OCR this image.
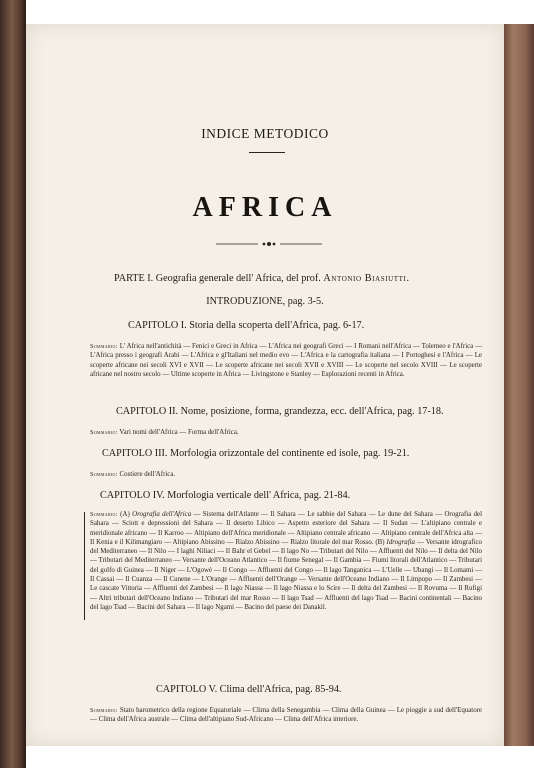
INDICE METODICO
AFRICA
PARTE I. Geografia generale dell' Africa, del prof. Antonio Biasiutti.
INTRODUZIONE, pag. 3-5.
CAPITOLO I. Storia della scoperta dell'Africa, pag. 6-17.
Sommario: L' Africa nell'antichità — Fenici e Greci in Africa — L'Africa nei geografi Greci — I Romani nell'Africa — Tolemeo e l'Africa — L'Africa presso i geografi Arabi — L'Africa e gl'Italiani nel medio evo — L'Africa e la cartografia italiana — I Portoghesi e l'Africa — Le scoperte africane nei secoli XVI e XVII — Le scoperte africane nei secoli XVII e XVIII — Le scoperte nel secolo XVIII — Le scoperte africane nel nostro secolo — Ultime scoperte in Africa — Livingstone e Stanley — Esplorazioni recenti in Africa.
CAPITOLO II. Nome, posizione, forma, grandezza, ecc. dell'Africa, pag. 17-18.
Sommario: Vari nomi dell'Africa — Forma dell'Africa.
CAPITOLO III. Morfologia orizzontale del continente ed isole, pag. 19-21.
Sommario: Costiere dell'Africa.
CAPITOLO IV. Morfologia verticale dell' Africa, pag. 21-84.
Sommario: (A) Orografia dell'Africa — Sistema dell'Atlante — Il Sahara — Le sabbie del Sahara — Le dune del Sahara — Orografia del Sahara — Sciott e depressioni del Sahara — Il deserto Libico — Aspetto esteriore del Sahara — Il Sudan — L'altipiano centrale e meridionale africano — Il Karroo — Altipiano dell'Africa meridionale — Altipiano centrale africano — Altipiano centrale dell'Africa alta — Il Kenia e il Kilimangiaro — Altipiano Abissino — Rialzo Abissino — Rialzo litorale del mar Rosso. (B) Idrografia — Versante idrografico del Mediterraneo — Il Nilo — I laghi Niliaci — Il Bahr el Gebel — Il lago No — Tributari del Nilo — Affluenti del Nilo — Il delta del Nilo — Tributari del Mediterraneo — Versante dell'Oceano Atlantico — Il fiume Senegal — Il Gambia — Fiumi litorali dell'Atlantico — Tributari del golfo di Guinea — Il Niger — L'Ogowè — Il Congo — Affluenti del Congo — Il lago Tanganica — L'Uelle — Ubangi — Il Lomami — Il Cassai — Il Cuanza — Il Cunene — L'Orange — Affluenti dell'Orange — Versante dell'Oceano Indiano — Il Limpopo — Il Zambesi — Le cascate Vittoria — Affluenti del Zambesi — Il lago Niassa — Il lago Niassa e lo Scire — Il delta del Zambesi — Il Rovuma — Il Rufigi — Altri tributari dell'Oceano Indiano — Tributari del mar Rosso — Il lago Tsad — Affluenti del lago Tsad — Bacini continentali — Bacino del lago Tsad — Bacini del Sahara — Il lago Ngami — Bacino del paese dei Danakil.
CAPITOLO V. Clima dell'Africa, pag. 85-94.
Sommario: Stato barometrico della regione Equatoriale — Clima della Senegambia — Clima della Guinea — Le pioggie a sud dell'Equatore — Clima dell'Africa australe — Clima dell'altipiano Sud-Africano — Clima dell'Africa interiore.
